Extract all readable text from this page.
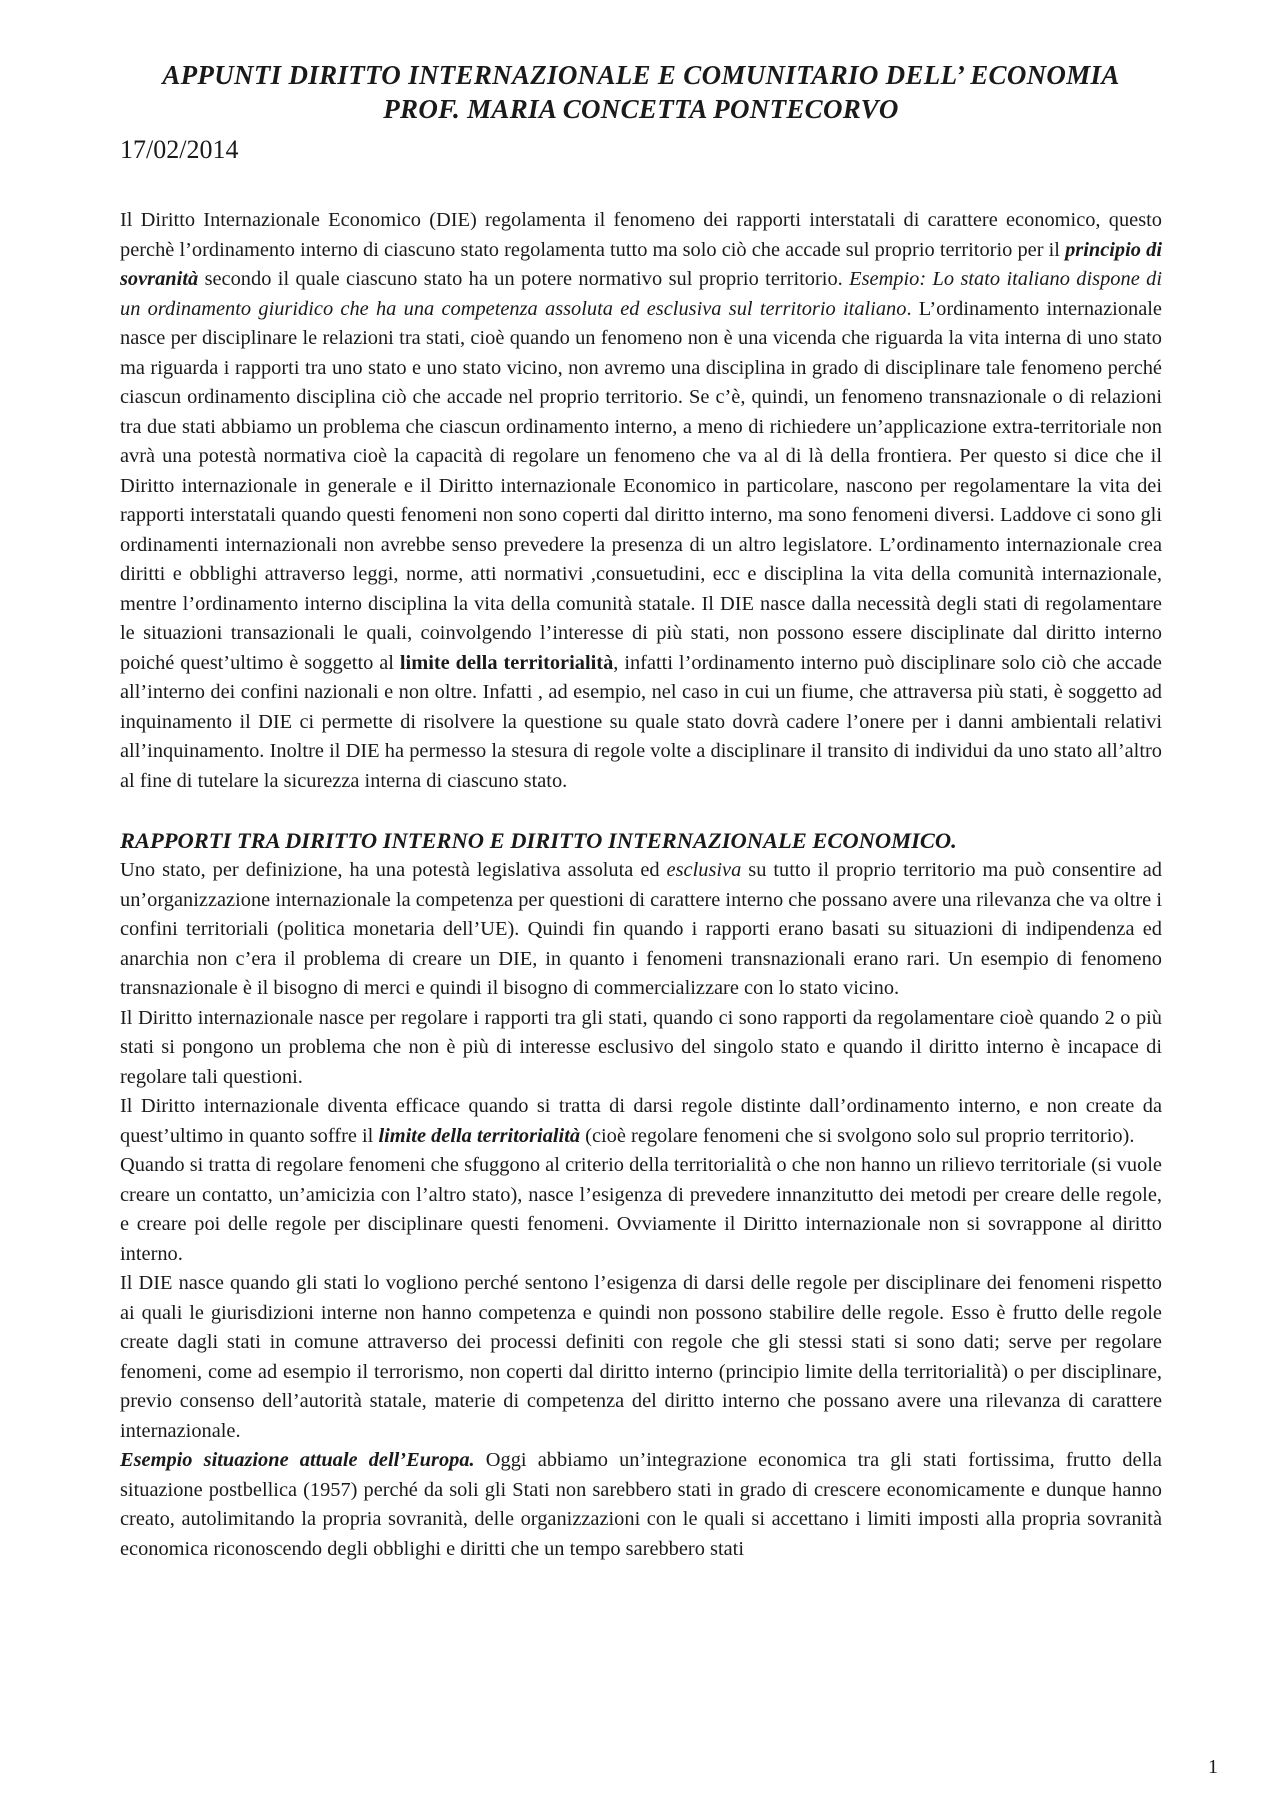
APPUNTI DIRITTO INTERNAZIONALE E COMUNITARIO DELL’ ECONOMIA

PROF. MARIA CONCETTA PONTECORVO

17/02/2014

Il Diritto Internazionale Economico (DIE) regolamenta il fenomeno dei rapporti interstatali di carattere economico, questo perchè l’ordinamento interno di ciascuno stato regolamenta tutto ma solo ciò che accade sul proprio territorio per il principio di sovranità secondo il quale ciascuno stato ha un potere normativo sul proprio territorio. Esempio: Lo stato italiano dispone di un ordinamento giuridico che ha una competenza assoluta ed esclusiva sul territorio italiano. L’ordinamento internazionale nasce per disciplinare le relazioni tra stati, cioè quando un fenomeno non è una vicenda che riguarda la vita interna di uno stato ma riguarda i rapporti tra uno stato e uno stato vicino, non avremo una disciplina in grado di disciplinare tale fenomeno perché ciascun ordinamento disciplina ciò che accade nel proprio territorio. Se c’è, quindi, un fenomeno transnazionale o di relazioni tra due stati abbiamo un problema che ciascun ordinamento interno, a meno di richiedere un’applicazione extra-territoriale non avrà una potestà normativa cioè la capacità di regolare un fenomeno che va al di là della frontiera. Per questo si dice che il Diritto internazionale in generale e il Diritto internazionale Economico in particolare, nascono per regolamentare la vita dei rapporti interstatali quando questi fenomeni non sono coperti dal diritto interno, ma sono fenomeni diversi. Laddove ci sono gli ordinamenti internazionali non avrebbe senso prevedere la presenza di un altro legislatore. L’ordinamento internazionale crea diritti e obblighi attraverso leggi, norme, atti normativi ,consuetudini, ecc e disciplina la vita della comunità internazionale, mentre l’ordinamento interno disciplina la vita della comunità statale. Il DIE nasce dalla necessità degli stati di regolamentare le situazioni transazionali le quali, coinvolgendo l’interesse di più stati, non possono essere disciplinate dal diritto interno poiché quest’ultimo è soggetto al limite della territorialità, infatti l’ordinamento interno può disciplinare solo ciò che accade all’interno dei confini nazionali e non oltre. Infatti , ad esempio, nel caso in cui un fiume, che attraversa più stati, è soggetto ad inquinamento il DIE ci permette di risolvere la questione su quale stato dovrà cadere l’onere per i danni ambientali relativi all’inquinamento. Inoltre il DIE ha permesso la stesura di regole volte a disciplinare il transito di individui da uno stato all’altro al fine di tutelare la sicurezza interna di ciascuno stato.

RAPPORTI TRA DIRITTO INTERNO E DIRITTO INTERNAZIONALE ECONOMICO.

Uno stato, per definizione, ha una potestà legislativa assoluta ed esclusiva su tutto il proprio territorio ma può consentire ad un’organizzazione internazionale la competenza per questioni di carattere interno che possano avere una rilevanza che va oltre i confini territoriali (politica monetaria dell’UE). Quindi fin quando i rapporti erano basati su situazioni di indipendenza ed anarchia non c’era il problema di creare un DIE, in quanto i fenomeni transnazionali erano rari. Un esempio di fenomeno transnazionale è il bisogno di merci e quindi il bisogno di commercializzare con lo stato vicino.

Il Diritto internazionale nasce per regolare i rapporti tra gli stati, quando ci sono rapporti da regolamentare cioè quando 2 o più stati si pongono un problema che non è più di interesse esclusivo del singolo stato e quando il diritto interno è incapace di regolare tali questioni.

Il Diritto internazionale diventa efficace quando si tratta di darsi regole distinte dall’ordinamento interno, e non create da quest’ultimo in quanto soffre il limite della territorialità (cioè regolare fenomeni che si svolgono solo sul proprio territorio).

Quando si tratta di regolare fenomeni che sfuggono al criterio della territorialità o che non hanno un rilievo territoriale (si vuole creare un contatto, un’amicizia con l’altro stato), nasce l’esigenza di prevedere innanzitutto dei metodi per creare delle regole, e creare poi delle regole per disciplinare questi fenomeni. Ovviamente il Diritto internazionale non si sovrappone al diritto interno.

Il DIE nasce quando gli stati lo vogliono perché sentono l’esigenza di darsi delle regole per disciplinare dei fenomeni rispetto ai quali le giurisdizioni interne non hanno competenza e quindi non possono stabilire delle regole. Esso è frutto delle regole create dagli stati in comune attraverso dei processi definiti con regole che gli stessi stati si sono dati; serve per regolare fenomeni, come ad esempio il terrorismo, non coperti dal diritto interno (principio limite della territorialità) o per disciplinare, previo consenso dell’autorità statale, materie di competenza del diritto interno che possano avere una rilevanza di carattere internazionale.

Esempio situazione attuale dell’Europa. Oggi abbiamo un’integrazione economica tra gli stati fortissima, frutto della situazione postbellica (1957) perché da soli gli Stati non sarebbero stati in grado di crescere economicamente e dunque hanno creato, autolimitando la propria sovranità, delle organizzazioni con le quali si accettano i limiti imposti alla propria sovranità economica riconoscendo degli obblighi e diritti che un tempo sarebbero stati

1
